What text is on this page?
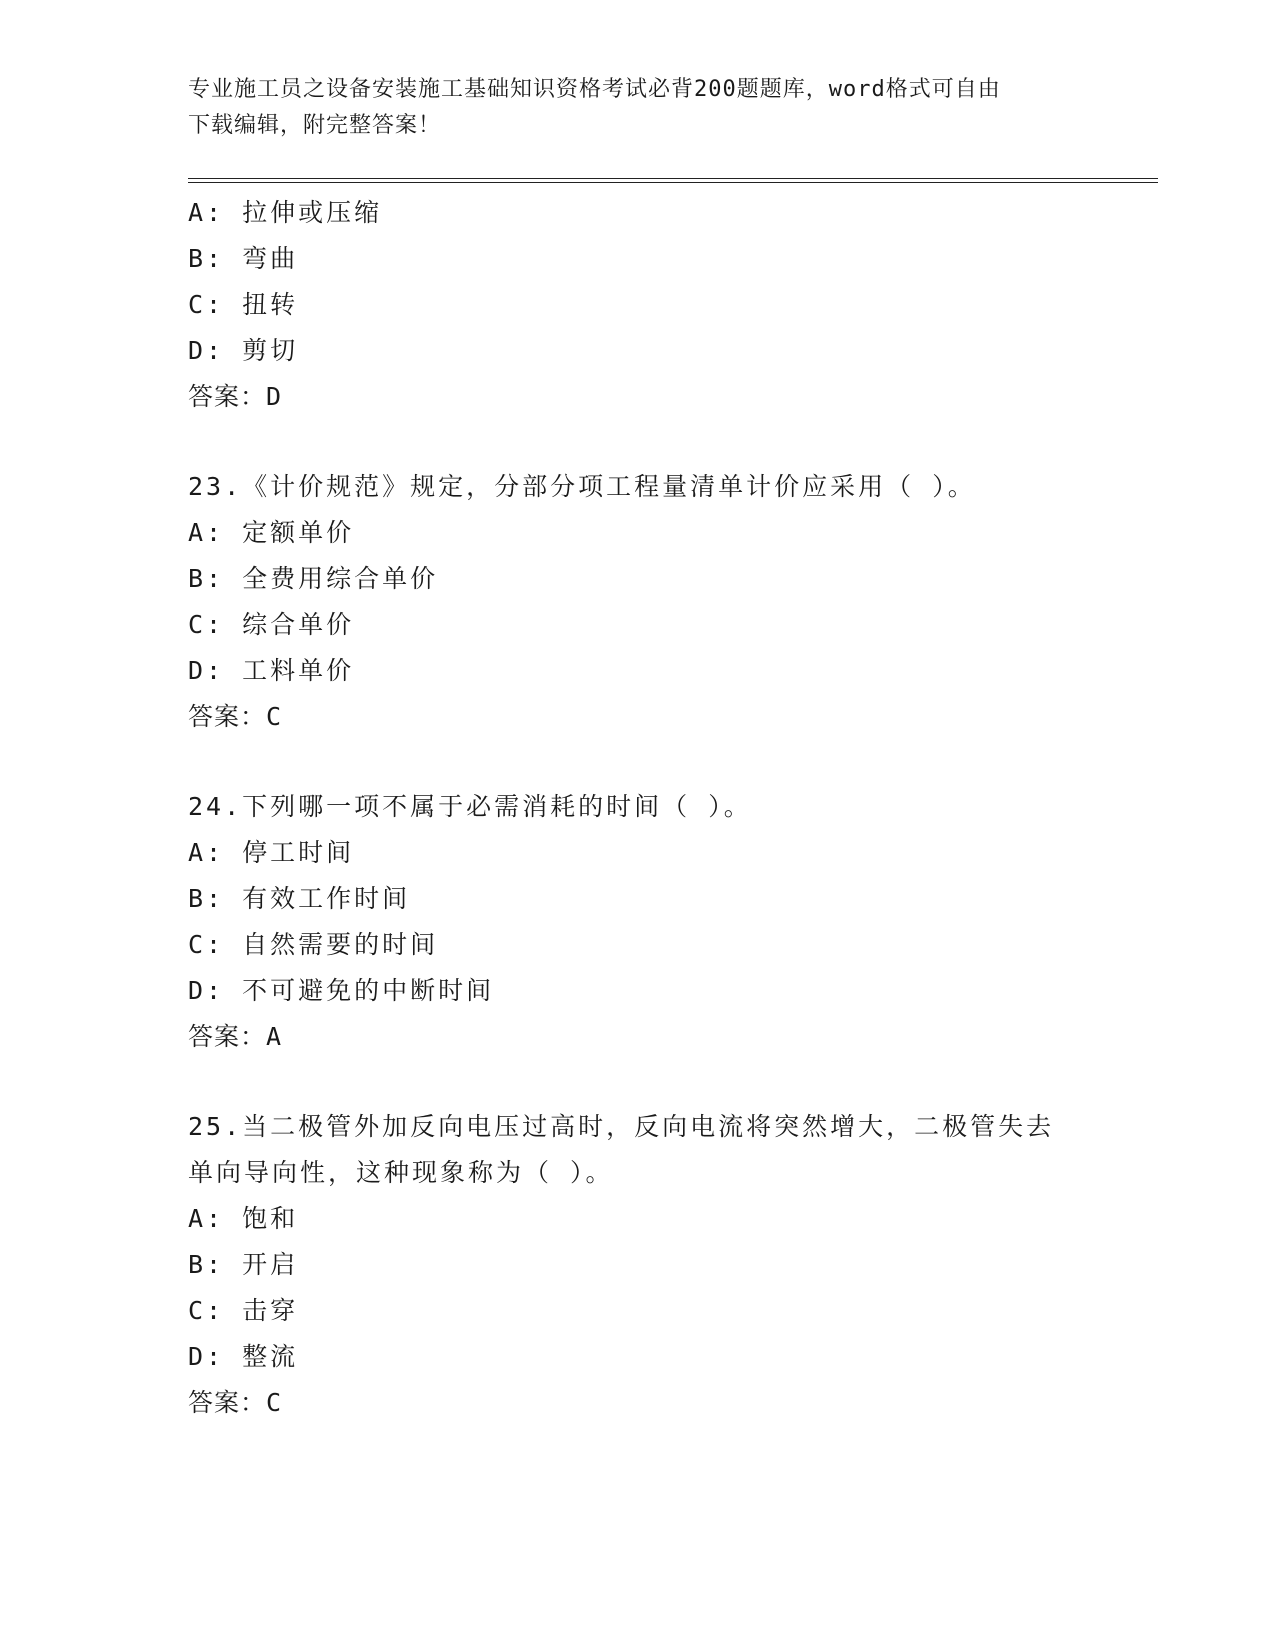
专业施工员之设备安装施工基础知识资格考试必背200题题库，word格式可自由
下载编辑，附完整答案！
A: 拉伸或压缩
B: 弯曲
C: 扭转
D: 剪切
答案：D
23.《计价规范》规定，分部分项工程量清单计价应采用（ ）。
A: 定额单价
B: 全费用综合单价
C: 综合单价
D: 工料单价
答案：C
24.下列哪一项不属于必需消耗的时间（ ）。
A: 停工时间
B: 有效工作时间
C: 自然需要的时间
D: 不可避免的中断时间
答案：A
25.当二极管外加反向电压过高时，反向电流将突然增大，二极管失去
单向导向性，这种现象称为（ ）。
A: 饱和
B: 开启
C: 击穿
D: 整流
答案：C
